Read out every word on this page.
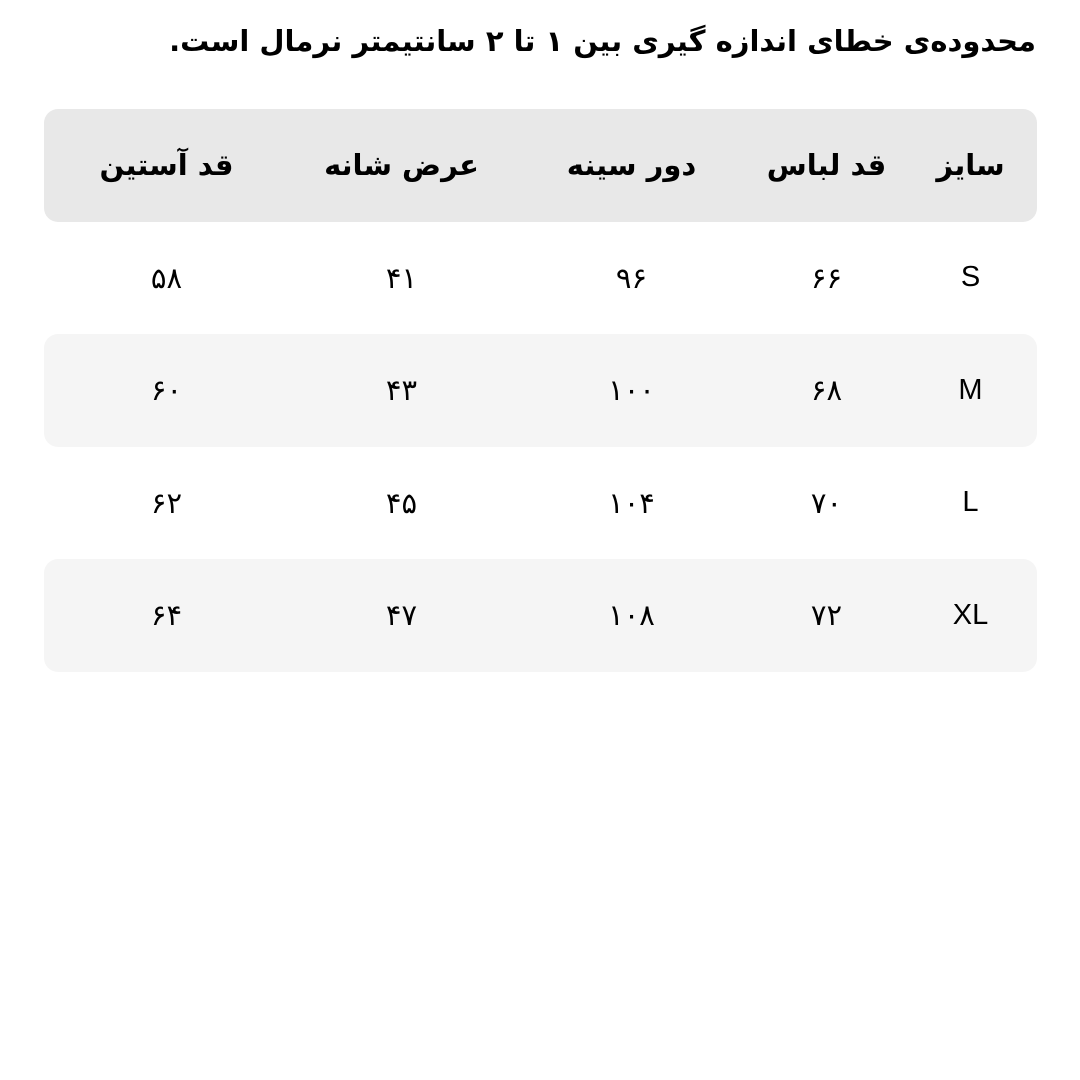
محدوده‌ی خطای اندازه گیری بین ۱ تا ۲ سانتیمتر نرمال است.
سایز
قد لباس
دور سینه
عرض شانه
قد آستین
S
۶۶
۹۶
۴۱
۵۸
M
۶۸
۱۰۰
۴۳
۶۰
L
۷۰
۱۰۴
۴۵
۶۲
XL
۷۲
۱۰۸
۴۷
۶۴
